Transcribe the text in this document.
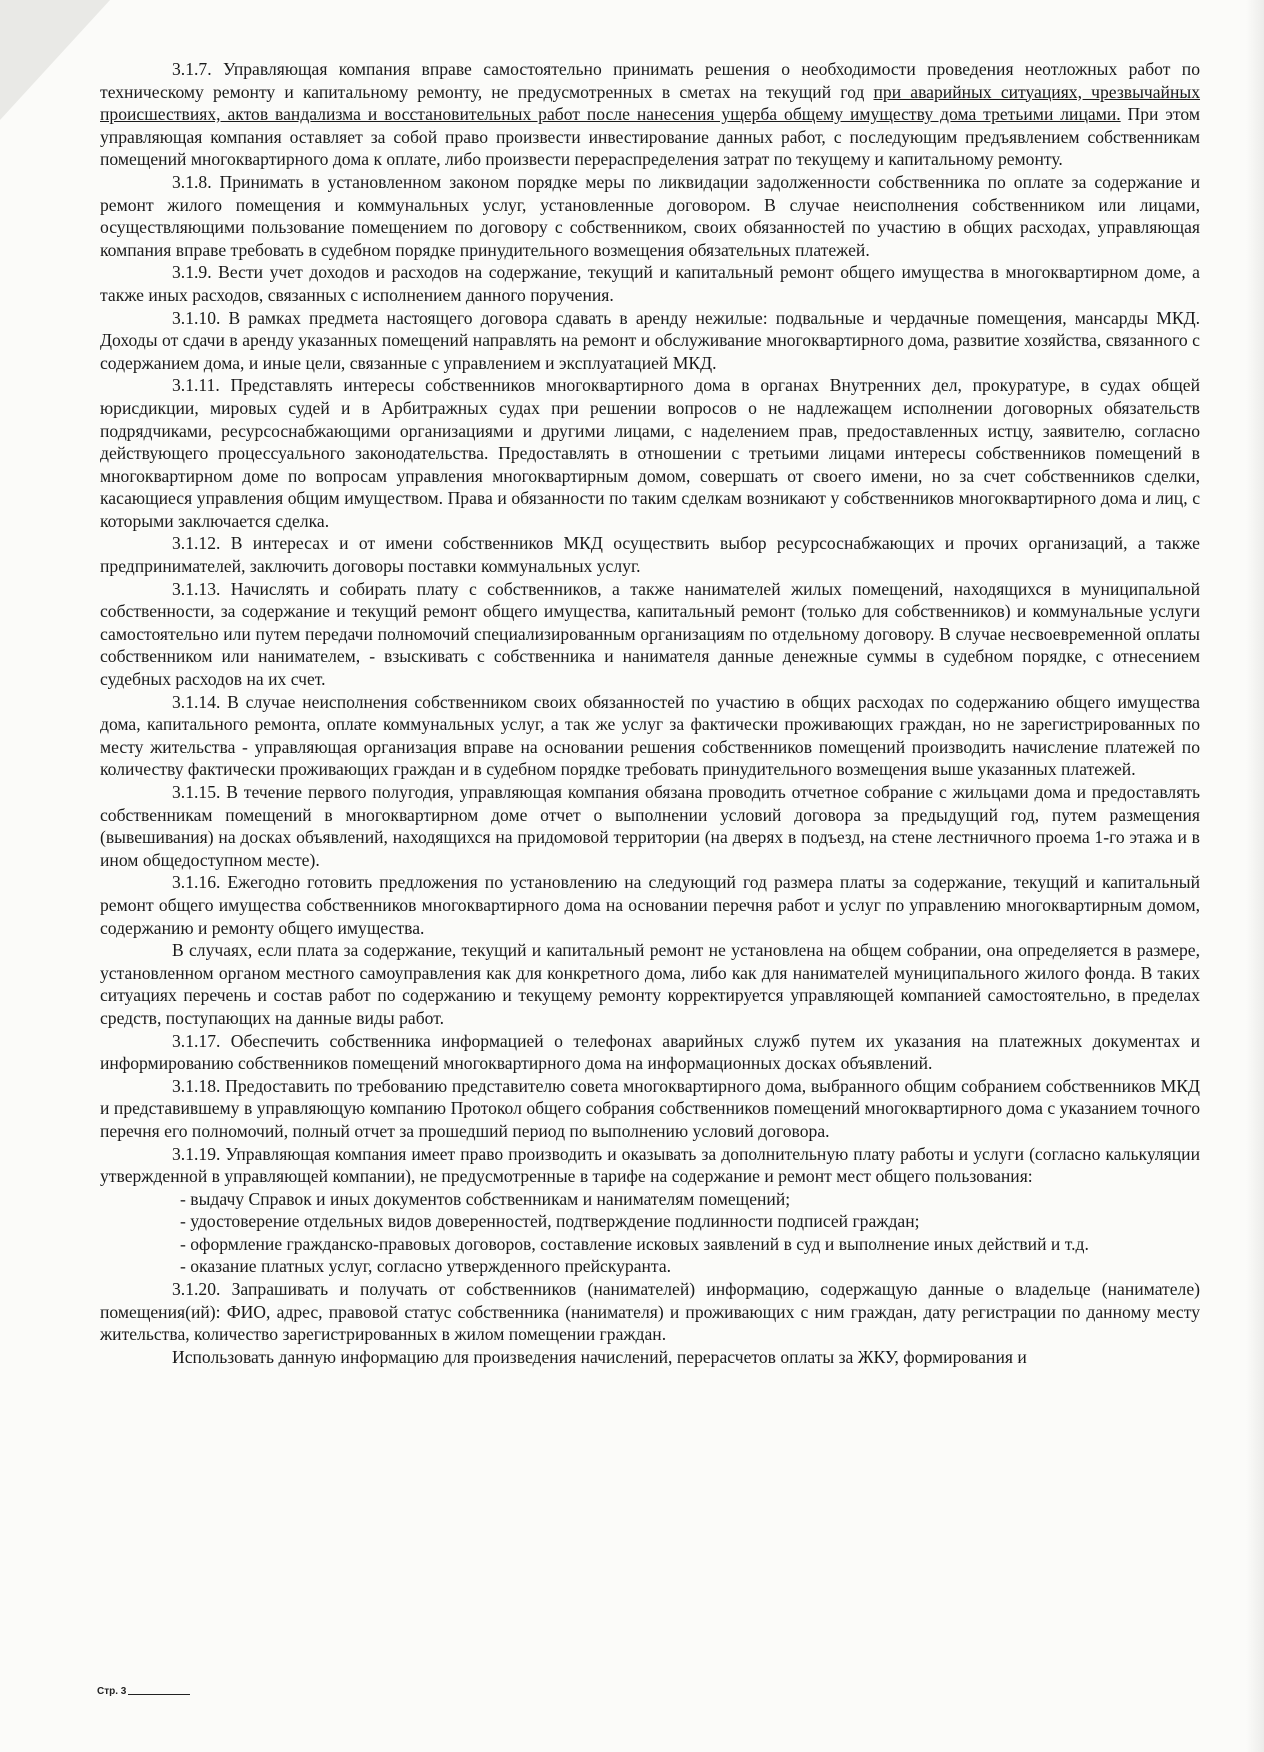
3.1.7. Управляющая компания вправе самостоятельно принимать решения о необходимости проведения неотложных работ по техническому ремонту и капитальному ремонту, не предусмотренных в сметах на текущий год при аварийных ситуациях, чрезвычайных происшествиях, актов вандализма и восстановительных работ после нанесения ущерба общему имуществу дома третьими лицами. При этом управляющая компания оставляет за собой право произвести инвестирование данных работ, с последующим предъявлением собственникам помещений многоквартирного дома к оплате, либо произвести перераспределения затрат по текущему и капитальному ремонту.

3.1.8. Принимать в установленном законом порядке меры по ликвидации задолженности собственника по оплате за содержание и ремонт жилого помещения и коммунальных услуг, установленные договором. В случае неисполнения собственником или лицами, осуществляющими пользование помещением по договору с собственником, своих обязанностей по участию в общих расходах, управляющая компания вправе требовать в судебном порядке принудительного возмещения обязательных платежей.

3.1.9. Вести учет доходов и расходов на содержание, текущий и капитальный ремонт общего имущества в многоквартирном доме, а также иных расходов, связанных с исполнением данного поручения.

3.1.10. В рамках предмета настоящего договора сдавать в аренду нежилые: подвальные и чердачные помещения, мансарды МКД. Доходы от сдачи в аренду указанных помещений направлять на ремонт и обслуживание многоквартирного дома, развитие хозяйства, связанного с содержанием дома, и иные цели, связанные с управлением и эксплуатацией МКД.

3.1.11. Представлять интересы собственников многоквартирного дома в органах Внутренних дел, прокуратуре, в судах общей юрисдикции, мировых судей и в Арбитражных судах при решении вопросов о не надлежащем исполнении договорных обязательств подрядчиками, ресурсоснабжающими организациями и другими лицами, с наделением прав, предоставленных истцу, заявителю, согласно действующего процессуального законодательства. Предоставлять в отношении с третьими лицами интересы собственников помещений в многоквартирном доме по вопросам управления многоквартирным домом, совершать от своего имени, но за счет собственников сделки, касающиеся управления общим имуществом. Права и обязанности по таким сделкам возникают у собственников многоквартирного дома и лиц, с которыми заключается сделка.

3.1.12. В интересах и от имени собственников МКД осуществить выбор ресурсоснабжающих и прочих организаций, а также предпринимателей, заключить договоры поставки коммунальных услуг.

3.1.13. Начислять и собирать плату с собственников, а также нанимателей жилых помещений, находящихся в муниципальной собственности, за содержание и текущий ремонт общего имущества, капитальный ремонт (только для собственников) и коммунальные услуги самостоятельно или путем передачи полномочий специализированным организациям по отдельному договору. В случае несвоевременной оплаты собственником или нанимателем, - взыскивать с собственника и нанимателя данные денежные суммы в судебном порядке, с отнесением судебных расходов на их счет.

3.1.14. В случае неисполнения собственником своих обязанностей по участию в общих расходах по содержанию общего имущества дома, капитального ремонта, оплате коммунальных услуг, а так же услуг за фактически проживающих граждан, но не зарегистрированных по месту жительства - управляющая организация вправе на основании решения собственников помещений производить начисление платежей по количеству фактически проживающих граждан и в судебном порядке требовать принудительного возмещения выше указанных платежей.

3.1.15. В течение первого полугодия, управляющая компания обязана проводить отчетное собрание с жильцами дома и предоставлять собственникам помещений в многоквартирном доме отчет о выполнении условий договора за предыдущий год, путем размещения (вывешивания) на досках объявлений, находящихся на придомовой территории (на дверях в подъезд, на стене лестничного проема 1-го этажа и в ином общедоступном месте).

3.1.16. Ежегодно готовить предложения по установлению на следующий год размера платы за содержание, текущий и капитальный ремонт общего имущества собственников многоквартирного дома на основании перечня работ и услуг по управлению многоквартирным домом, содержанию и ремонту общего имущества.

В случаях, если плата за содержание, текущий и капитальный ремонт не установлена на общем собрании, она определяется в размере, установленном органом местного самоуправления как для конкретного дома, либо как для нанимателей муниципального жилого фонда. В таких ситуациях перечень и состав работ по содержанию и текущему ремонту корректируется управляющей компанией самостоятельно, в пределах средств, поступающих на данные виды работ.

3.1.17. Обеспечить собственника информацией о телефонах аварийных служб путем их указания на платежных документах и информированию собственников помещений многоквартирного дома на информационных досках объявлений.

3.1.18. Предоставить по требованию представителю совета многоквартирного дома, выбранного общим собранием собственников МКД и представившему в управляющую компанию Протокол общего собрания собственников помещений многоквартирного дома с указанием точного перечня его полномочий, полный отчет за прошедший период по выполнению условий договора.

3.1.19. Управляющая компания имеет право производить и оказывать за дополнительную плату работы и услуги (согласно калькуляции утвержденной в управляющей компании), не предусмотренные в тарифе на содержание и ремонт мест общего пользования:

- выдачу Справок и иных документов собственникам и нанимателям помещений;

- удостоверение отдельных видов доверенностей, подтверждение подлинности подписей граждан;

- оформление гражданско-правовых договоров, составление исковых заявлений в суд и выполнение иных действий и т.д.

- оказание платных услуг, согласно утвержденного прейскуранта.

3.1.20. Запрашивать и получать от собственников (нанимателей) информацию, содержащую данные о владельце (нанимателе) помещения(ий): ФИО, адрес, правовой статус собственника (нанимателя) и проживающих с ним граждан, дату регистрации по данному месту жительства, количество зарегистрированных в жилом помещении граждан.

Использовать данную информацию для произведения начислений, перерасчетов оплаты за ЖКУ, формирования и

Стр. 3
